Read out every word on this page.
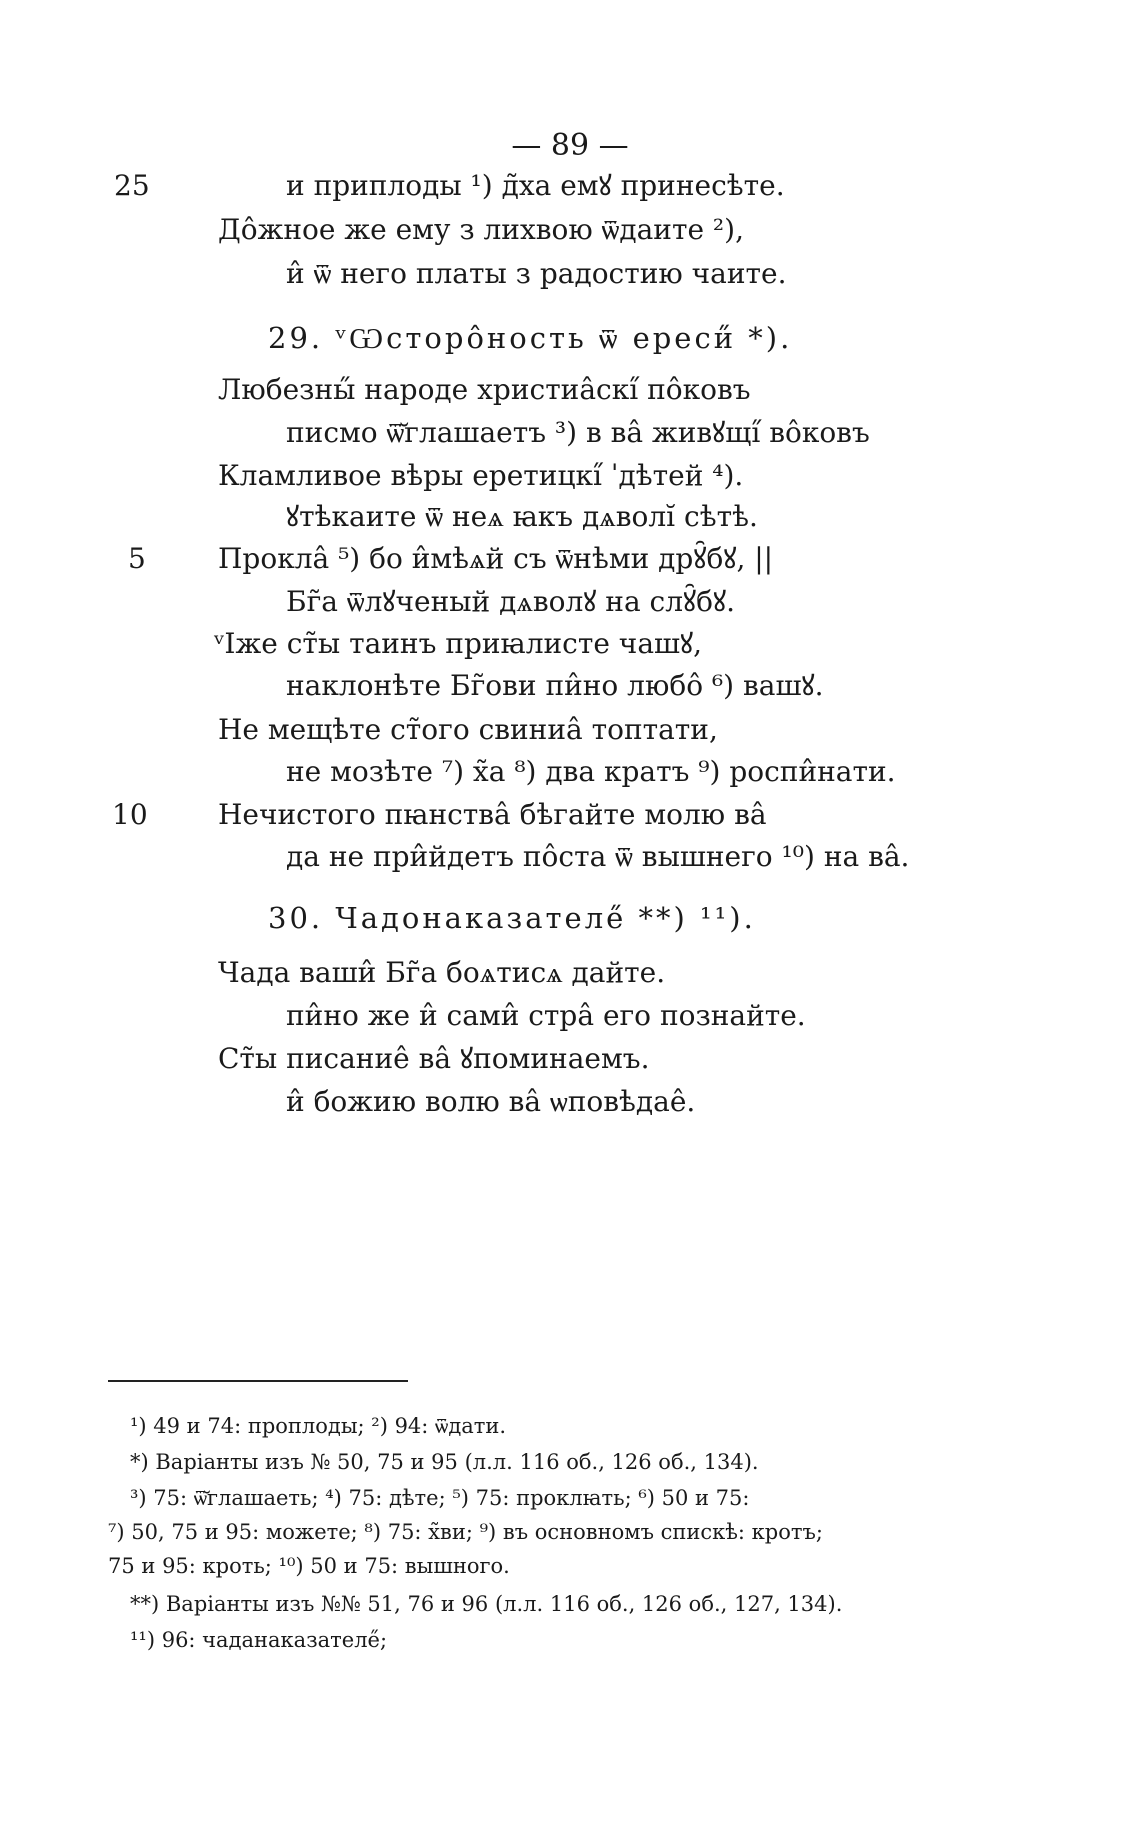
— 89 —
25
5
10
и приплоды ¹) д̃ха емꙋ принесѣте.
До̂жное же ему з лихвою ѿдаите ²),
и̂ ѿ него платы з радостию чаите.
29. ᵛѠсторо̂ность ѿ ереси̋ *).
Любезны̋ народе христиа̂скı̋ по̂ковъ
писмо ѿ̆глашаетъ ³) в ва̂ живꙋщı̋ во̂ковъ
Кламливое вѣры еретицкı̋ ˈдѣтей ⁴).
ꙋтѣкаите ѿ неѧ ꙗкъ дѧволı̆ сѣтѣ.
Прокла̂ ⁵) бо и̂мѣѧй съ ѿнѣми дрꙋ̑бꙋ, ||
Бг̃а ѿлꙋченый дѧволꙋ на слꙋ̑бꙋ.
ᵛIже ст̃ы таинъ приꙗлисте чашꙋ,
наклонѣте Бг̃ови пи̂но любо̂ ⁶) вашꙋ.
Не мещѣте ст̃ого свиниа̂ топтати,
не мозѣте ⁷) х̃а ⁸) два кратъ ⁹) роспи̂нати.
Нечистого пꙗнства̂ бѣгайте молю ва̂
да не при̂йдетъ по̂ста ѿ вышнего ¹⁰) на ва̂.
30. Чадонаказателе̋ **) ¹¹).
Чада ваши̂ Бг̃а боѧтисѧ дайте.
пи̂но же и̂ сами̂ стра̂ его познайте.
Ст̃ы писание̂ ва̂ ꙋпоминаемъ.
и̂ божию волю ва̂ ѡповѣдае̂.
¹) 49 и 74: проплоды; ²) 94: ѿдати.
*) Варiанты изъ № 50, 75 и 95 (л.л. 116 об., 126 об., 134).
³) 75: ѿ̆глашаеть; ⁴) 75: дѣте; ⁵) 75: проклꙗть; ⁶) 50 и 75:
⁷) 50, 75 и 95: можете; ⁸) 75: х̃ви; ⁹) въ основномъ спискѣ: кротъ;
75 и 95: кроть; ¹⁰) 50 и 75: вышного.
**) Варiанты изъ №№ 51, 76 и 96 (л.л. 116 об., 126 об., 127, 134).
¹¹) 96: чаданаказателе̋;
